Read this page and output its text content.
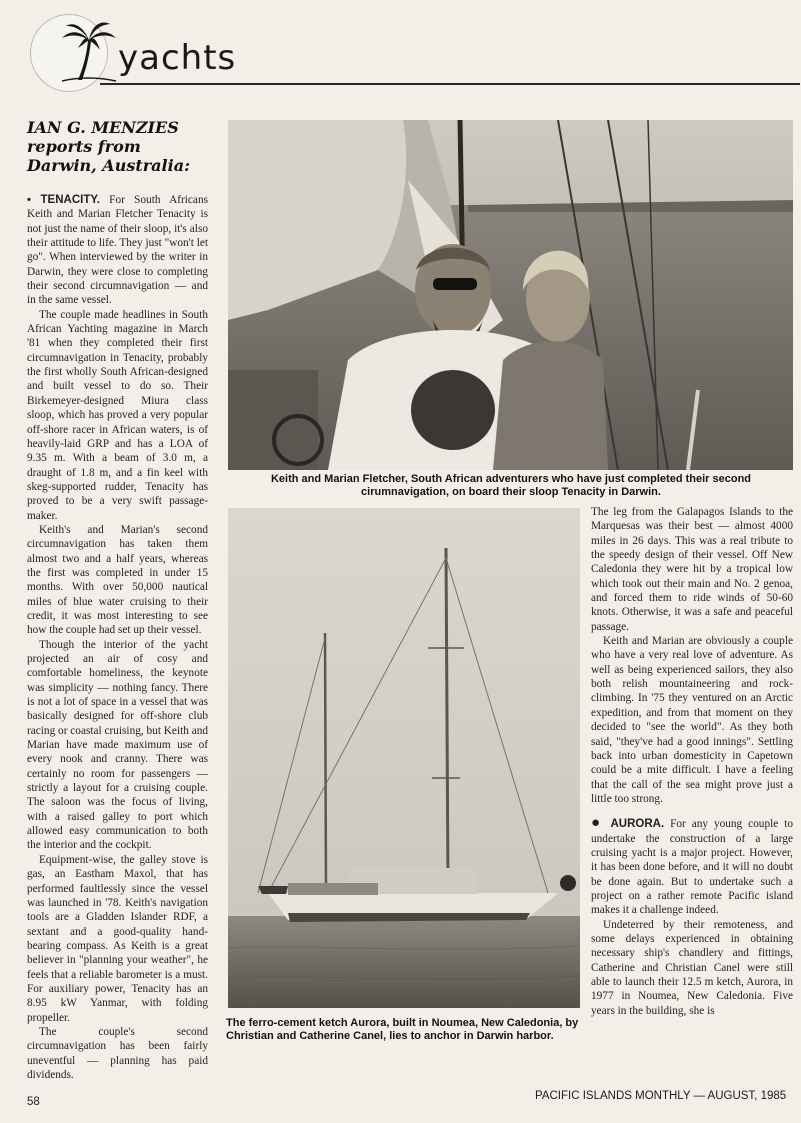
yachts
IAN G. MENZIES reports from Darwin, Australia:

• TENACITY. For South Africans Keith and Marian Fletcher Tenacity is not just the name of their sloop, it's also their attitude to life. They just "won't let go". When interviewed by the writer in Darwin, they were close to completing their second circumnavigation — and in the same vessel.

The couple made headlines in South African Yachting magazine in March '81 when they completed their first circumnavigation in Tenacity, probably the first wholly South African-designed and built vessel to do so. Their Birkemeyer-designed Miura class sloop, which has proved a very popular off-shore racer in African waters, is of heavily-laid GRP and has a LOA of 9.35 m. With a beam of 3.0 m, a draught of 1.8 m, and a fin keel with skeg-supported rudder, Tenacity has proved to be a very swift passage-maker.

Keith's and Marian's second circumnavigation has taken them almost two and a half years, whereas the first was completed in under 15 months. With over 50,000 nautical miles of blue water cruising to their credit, it was most interesting to see how the couple had set up their vessel.

Though the interior of the yacht projected an air of cosy and comfortable homeliness, the keynote was simplicity — nothing fancy. There is not a lot of space in a vessel that was basically designed for off-shore club racing or coastal cruising, but Keith and Marian have made maximum use of every nook and cranny. There was certainly no room for passengers — strictly a layout for a cruising couple. The saloon was the focus of living, with a raised galley to port which allowed easy communication to both the interior and the cockpit.

Equipment-wise, the galley stove is gas, an Eastham Maxol, that has performed faultlessly since the vessel was launched in '78. Keith's navigation tools are a Gladden Islander RDF, a sextant and a good-quality hand-bearing compass. As Keith is a great believer in "planning your weather", he feels that a reliable barometer is a must. For auxiliary power, Tenacity has an 8.95 kW Yanmar, with folding propeller.

The couple's second circumnavigation has been fairly uneventful — planning has paid dividends.

Keith and Marian Fletcher, South African adventurers who have just completed their second cirumnavigation, on board their sloop Tenacity in Darwin.
The ferro-cement ketch Aurora, built in Noumea, New Caledonia, by Christian and Catherine Canel, lies to anchor in Darwin harbor.

The leg from the Galapagos Islands to the Marquesas was their best — almost 4000 miles in 26 days. This was a real tribute to the speedy design of their vessel. Off New Caledonia they were hit by a tropical low which took out their main and No. 2 genoa, and forced them to ride winds of 50-60 knots. Otherwise, it was a safe and peaceful passage.

Keith and Marian are obviously a couple who have a very real love of adventure. As well as being experienced sailors, they also both relish mountaineering and rock-climbing. In '75 they ventured on an Arctic expedition, and from that moment on they decided to "see the world". As they both said, "they've had a good innings". Settling back into urban domesticity in Capetown could be a mite difficult. I have a feeling that the call of the sea might prove just a little too strong.

● AURORA. For any young couple to undertake the construction of a large cruising yacht is a major project. However, it has been done before, and it will no doubt be done again. But to undertake such a project on a rather remote Pacific island makes it a challenge indeed.

Undeterred by their remoteness, and some delays experienced in obtaining necessary ship's chandlery and fittings, Catherine and Christian Canel were still able to launch their 12.5 m ketch, Aurora, in 1977 in Noumea, New Caledonia. Five years in the building, she is

58	PACIFIC ISLANDS MONTHLY — AUGUST, 1985
